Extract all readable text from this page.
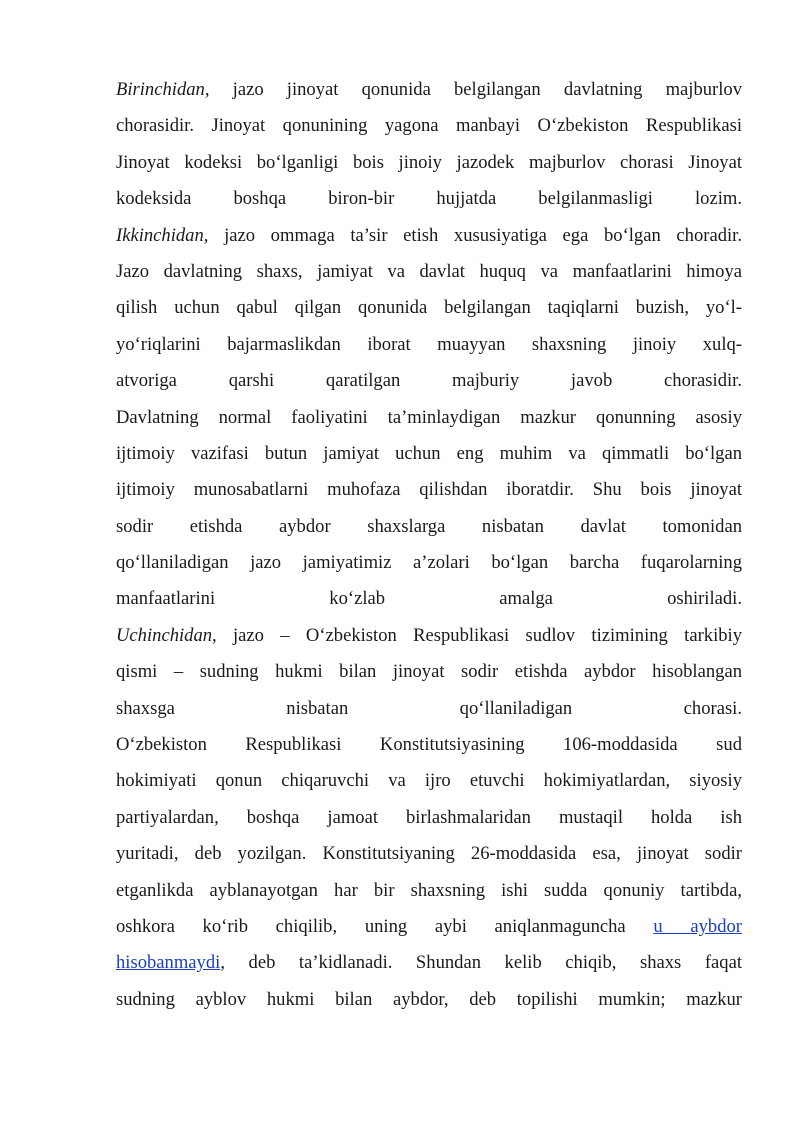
Birinchidan, jazo jinoyat qonunida belgilangan davlatning majburlov
chorasidir. Jinoyat qonunining yagona manbayi O‘zbekiston Respublikasi
Jinoyat kodeksi bo‘lganligi bois jinoiy jazodek majburlov chorasi Jinoyat
kodeksida boshqa biron-bir hujjatda belgilanmasligi lozim.
Ikkinchidan, jazo ommaga ta’sir etish xususiyatiga ega bo‘lgan choradir.
Jazo davlatning shaxs, jamiyat va davlat huquq va manfaatlarini himoya
qilish uchun qabul qilgan qonunida belgilangan taqiqlarni buzish, yo‘l-
yo‘riqlarini bajarmaslikdan iborat muayyan shaxsning jinoiy xulq-
atvoriga qarshi qaratilgan majburiy javob chorasidir.
Davlatning normal faoliyatini ta’minlaydigan mazkur qonunning asosiy
ijtimoiy vazifasi butun jamiyat uchun eng muhim va qimmatli bo‘lgan
ijtimoiy munosabatlarni muhofaza qilishdan iboratdir. Shu bois jinoyat
sodir etishda aybdor shaxslarga nisbatan davlat tomonidan
qo‘llaniladigan jazo jamiyatimiz a’zolari bo‘lgan barcha fuqarolarning
manfaatlarini ko‘zlab amalga oshiriladi.
Uchinchidan, jazo – O‘zbekiston Respublikasi sudlov tizimining tarkibiy
qismi – sudning hukmi bilan jinoyat sodir etishda aybdor hisoblangan
shaxsga nisbatan qo‘llaniladigan chorasi.
O‘zbekiston Respublikasi Konstitutsiyasining 106-moddasida sud
hokimiyati qonun chiqaruvchi va ijro etuvchi hokimiyatlardan, siyosiy
partiyalardan, boshqa jamoat birlashmalaridan mustaqil holda ish
yuritadi, deb yozilgan. Konstitutsiyaning 26-moddasida esa, jinoyat sodir
etganlikda ayblanayotgan har bir shaxsning ishi sudda qonuniy tartibda,
oshkora ko‘rib chiqilib, uning aybi aniqlanmaguncha u aybdor
hisobanmaydi, deb ta’kidlanadi. Shundan kelib chiqib, shaxs faqat
sudning ayblov hukmi bilan aybdor, deb topilishi mumkin; mazkur
